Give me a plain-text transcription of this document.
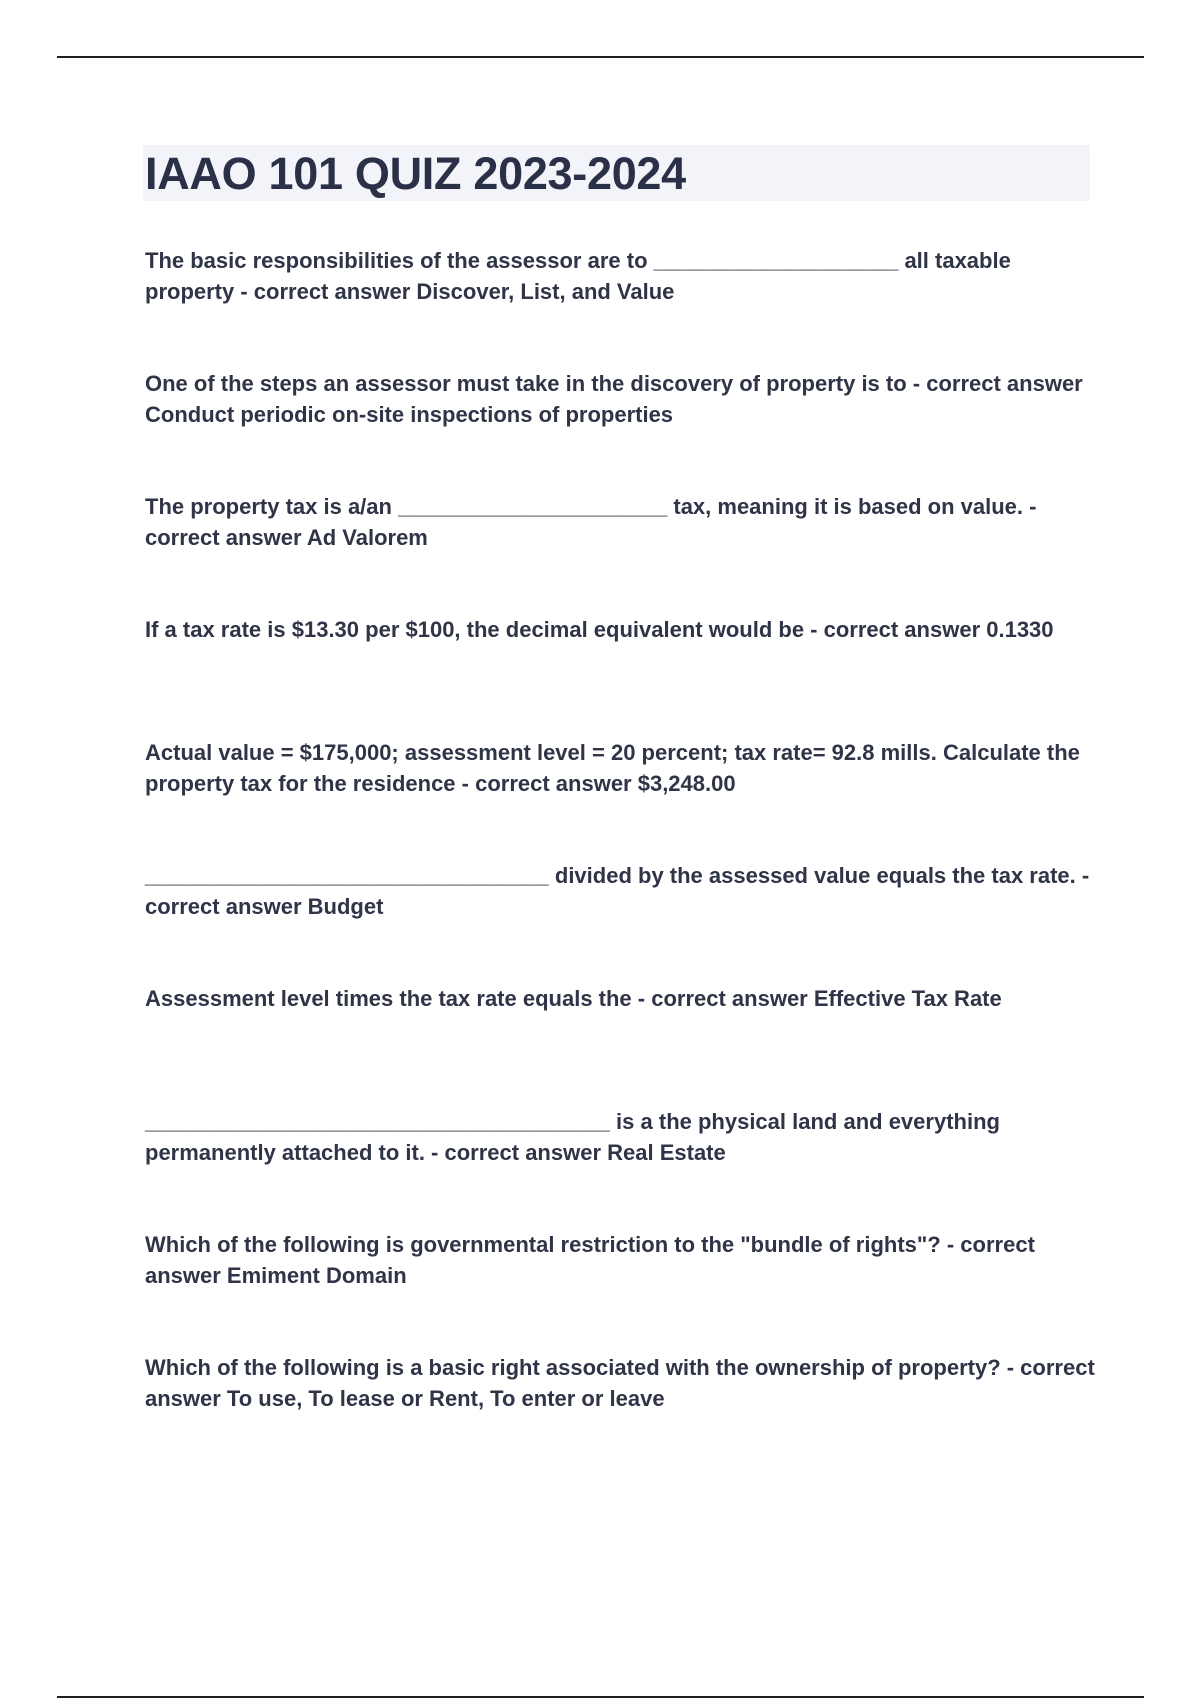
IAAO 101 QUIZ 2023-2024
The basic responsibilities of the assessor are to ____________________ all taxable property - correct answer Discover, List, and Value
One of the steps an assessor must take in the discovery of property is to - correct answer Conduct periodic on-site inspections of properties
The property tax is a/an ______________________ tax, meaning it is based on value. - correct answer Ad Valorem
If a tax rate is $13.30 per $100, the decimal equivalent would be - correct answer 0.1330
Actual value = $175,000; assessment level = 20 percent; tax rate= 92.8 mills. Calculate the property tax for the residence - correct answer $3,248.00
_________________________________ divided by the assessed value equals the tax rate. - correct answer Budget
Assessment level times the tax rate equals the - correct answer Effective Tax Rate
______________________________________ is a the physical land and everything permanently attached to it. - correct answer Real Estate
Which of the following is governmental restriction to the "bundle of rights"? - correct answer Emiment Domain
Which of the following is a basic right associated with the ownership of property? - correct answer To use, To lease or Rent, To enter or leave
